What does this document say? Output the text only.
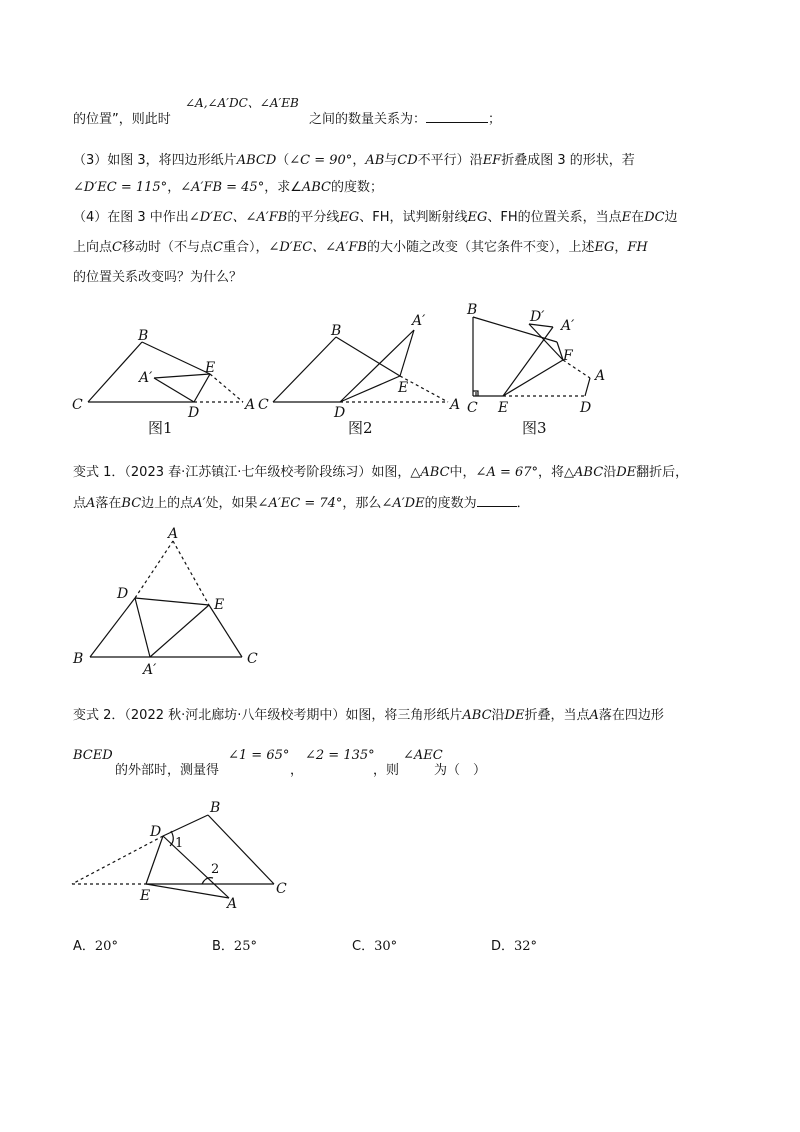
∠A,∠A′DC、∠A′EB
的位置”，则此时	之间的数量关系为：	；
（3）如图 3，将四边形纸片ABCD（∠C = 90°，AB与CD不平行）沿EF折叠成图 3 的形状，若
∠D′EC = 115°，∠A′FB = 45°，求∠ABC的度数；
（4）在图 3 中作出∠D′EC、∠A′FB的平分线EG、FH，试判断射线EG、FH的位置关系，当点E在DC边
上向点C移动时（不与点C重合），∠D′EC、∠A′FB的大小随之改变（其它条件不变），上述EG，FH
的位置关系改变吗？为什么？
B
A′
E
C	D	A
图1
B
A′
E
C	D	A
图2
B	D′
A′
F
A
C E	D
图3
A
D
E
B
A′
C
B
D
1
2
E	A
C
变式 1．（2023 春·江苏镇江·七年级校考阶段练习）如图，△ABC中，∠A = 67°，将△ABC沿DE翻折后，
点A落在BC边上的点A′处，如果∠A′EC = 74°，那么∠A′DE的度数为	．
变式 2．（2022 秋·河北廊坊·八年级校考期中）如图，将三角形纸片ABC沿DE折叠，当点A落在四边形
BCED
的外部时，测量得
∠1 = 65°
，
∠2 = 135°
，则
∠AEC
为（　）
A．20°	B．25°	C．30°	D．32°
